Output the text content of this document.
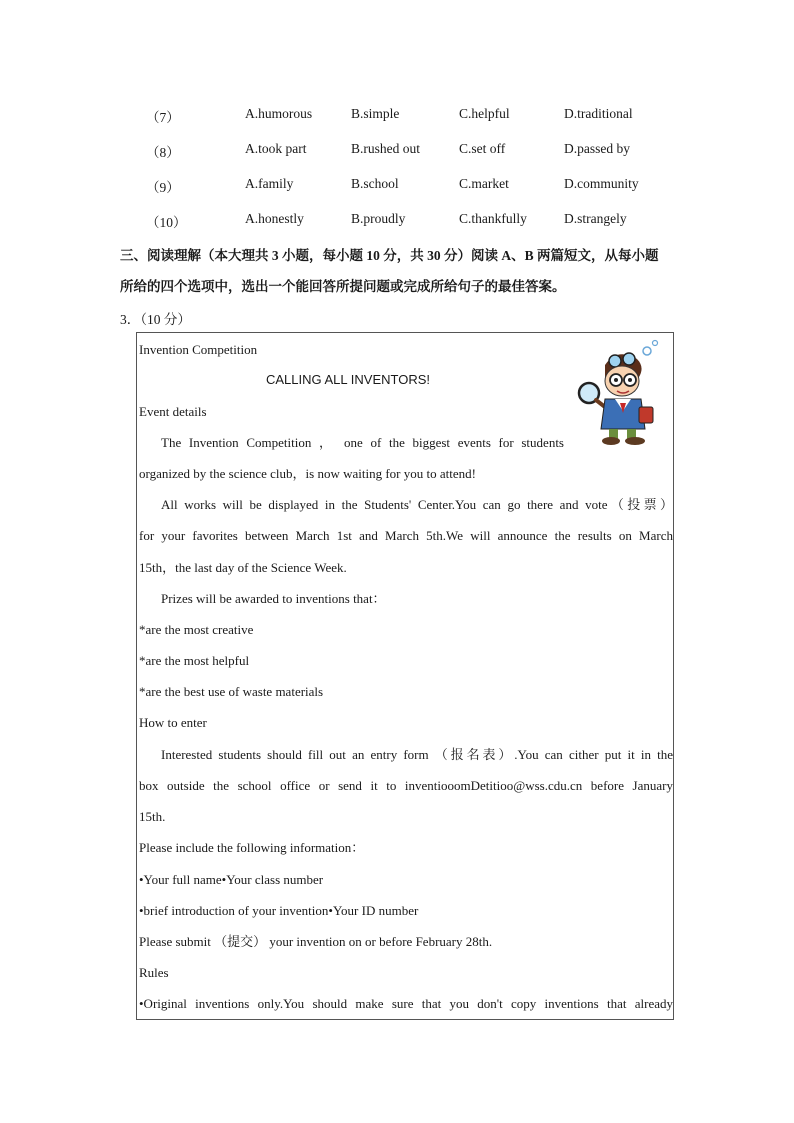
（7）	A.humorous	B.simple	C.helpful	D.traditional
（8）	A.took part	B.rushed out	C.set off	D.passed by
（9）	A.family	B.school	C.market	D.community
（10）	A.honestly	B.proudly	C.thankfully	D.strangely
三、阅读理解（本大理共 3 小题，每小题 10 分，共 30 分）阅读 A、B 两篇短文，从每小题
所给的四个选项中，选出一个能回答所提问题或完成所给句子的最佳答案。
3．（10 分）
Invention Competition
CALLING ALL INVENTORS!
Event details
The Invention Competition ， one of the biggest events for students
organized by the science club，is now waiting for you to attend!
All works will be displayed in the Students' Center.You can go there and vote（投票）
for your favorites between March 1st and March 5th.We will announce the results on March
15th，the last day of the Science Week.
Prizes will be awarded to inventions that：
*are the most creative
*are the most helpful
*are the best use of waste materials
How to enter
Interested students should fill out an entry form （报名表）.You can cither put it in the
box outside the school office or send it to inventiooomDetitioo@wss.cdu.cn before January
15th.
Please include the following information：
•Your full name•Your class number
•brief introduction of your invention•Your ID number
Please submit （提交） your invention on or before February 28th.
Rules
•Original inventions only.You should make sure that you don't copy inventions that already
